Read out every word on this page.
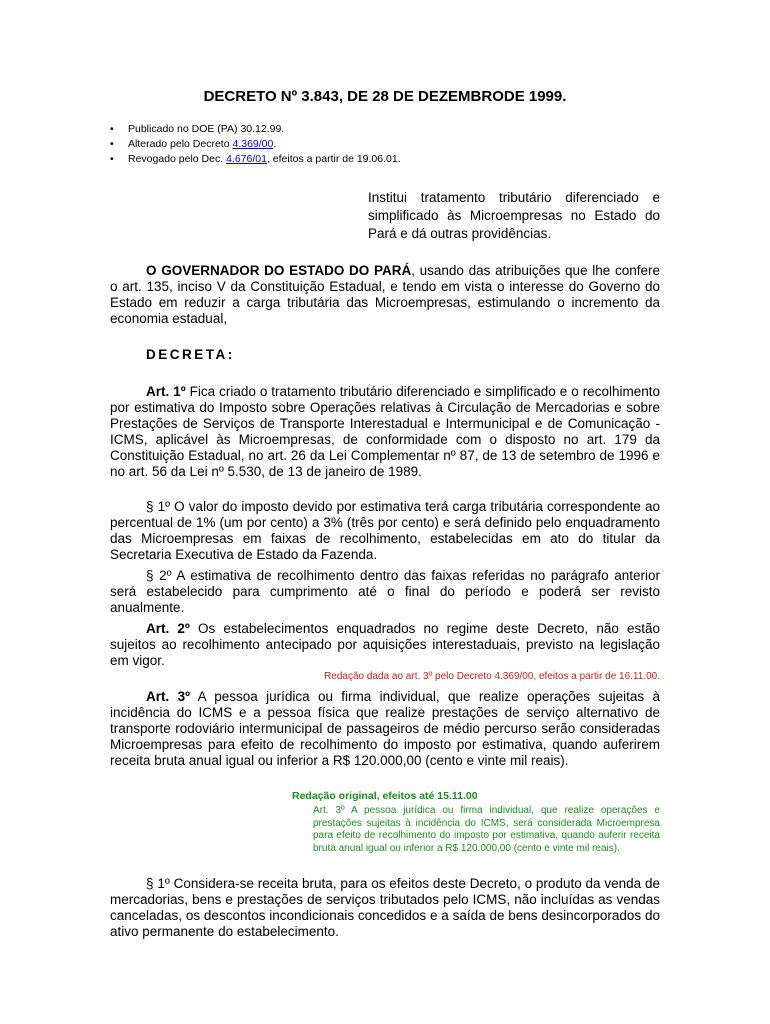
DECRETO Nº 3.843, DE 28 DE DEZEMBRODE 1999.
• Publicado no DOE (PA) 30.12.99.
• Alterado pelo Decreto 4.369/00.
• Revogado pelo Dec. 4.676/01, efeitos a partir de 19.06.01.
Institui tratamento tributário diferenciado e simplificado às Microempresas no Estado do Pará e dá outras providências.
O GOVERNADOR DO ESTADO DO PARÁ, usando das atribuições que lhe confere o art. 135, inciso V da Constituição Estadual, e tendo em vista o interesse do Governo do Estado em reduzir a carga tributária das Microempresas, estimulando o incremento da economia estadual,
DECRETA:
Art. 1º Fica criado o tratamento tributário diferenciado e simplificado e o recolhimento por estimativa do Imposto sobre Operações relativas à Circulação de Mercadorias e sobre Prestações de Serviços de Transporte Interestadual e Intermunicipal e de Comunicação - ICMS, aplicável às Microempresas, de conformidade com o disposto no art. 179 da Constituição Estadual, no art. 26 da Lei Complementar nº 87, de 13 de setembro de 1996 e no art. 56 da Lei nº 5.530, de 13 de janeiro de 1989.
§ 1º O valor do imposto devido por estimativa terá carga tributária correspondente ao percentual de 1% (um por cento) a 3% (três por cento) e será definido pelo enquadramento das Microempresas em faixas de recolhimento, estabelecidas em ato do titular da Secretaria Executiva de Estado da Fazenda.
§ 2º A estimativa de recolhimento dentro das faixas referidas no parágrafo anterior será estabelecido para cumprimento até o final do período e poderá ser revisto anualmente.
Art. 2º Os estabelecimentos enquadrados no regime deste Decreto, não estão sujeitos ao recolhimento antecipado por aquisições interestaduais, previsto na legislação em vigor.
Redação dada ao art. 3º pelo Decreto 4.369/00, efeitos a partir de 16.11.00.
Art. 3º A pessoa jurídica ou firma individual, que realize operações sujeitas à incidência do ICMS e a pessoa física que realize prestações de serviço alternativo de transporte rodoviário intermunicipal de passageiros de médio percurso serão consideradas Microempresas para efeito de recolhimento do imposto por estimativa, quando auferirem receita bruta anual igual ou inferior a R$ 120.000,00 (cento e vinte mil reais).
Redação original, efeitos até 15.11.00
Art. 3º A pessoa jurídica ou firma individual, que realize operações e prestações sujeitas à incidência do ICMS, será considerada Microempresa para efeito de recolhimento do imposto por estimativa, quando auferir receita bruta anual igual ou inferior a R$ 120.000,00 (cento e vinte mil reais).
§ 1º Considera-se receita bruta, para os efeitos deste Decreto, o produto da venda de mercadorias, bens e prestações de serviços tributados pelo ICMS, não incluídas as vendas canceladas, os descontos incondicionais concedidos e a saída de bens desincorporados do ativo permanente do estabelecimento.
